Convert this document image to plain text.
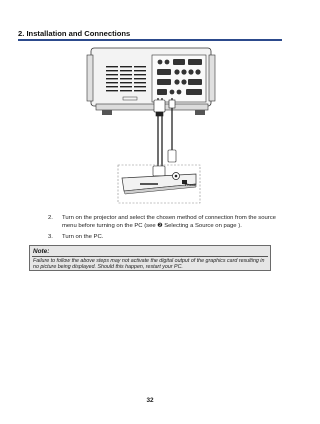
2. Installation and Connections
Phone
2. Turn on the projector and select the chosen method of connection from the source menu before turning on the PC (see ❷ Selecting a Source on page ).
3. Turn on the PC.
Note:
Failure to follow the above steps may not activate the digital output of the graphics card resulting in no picture being displayed. Should this happen, restart your PC.
32
